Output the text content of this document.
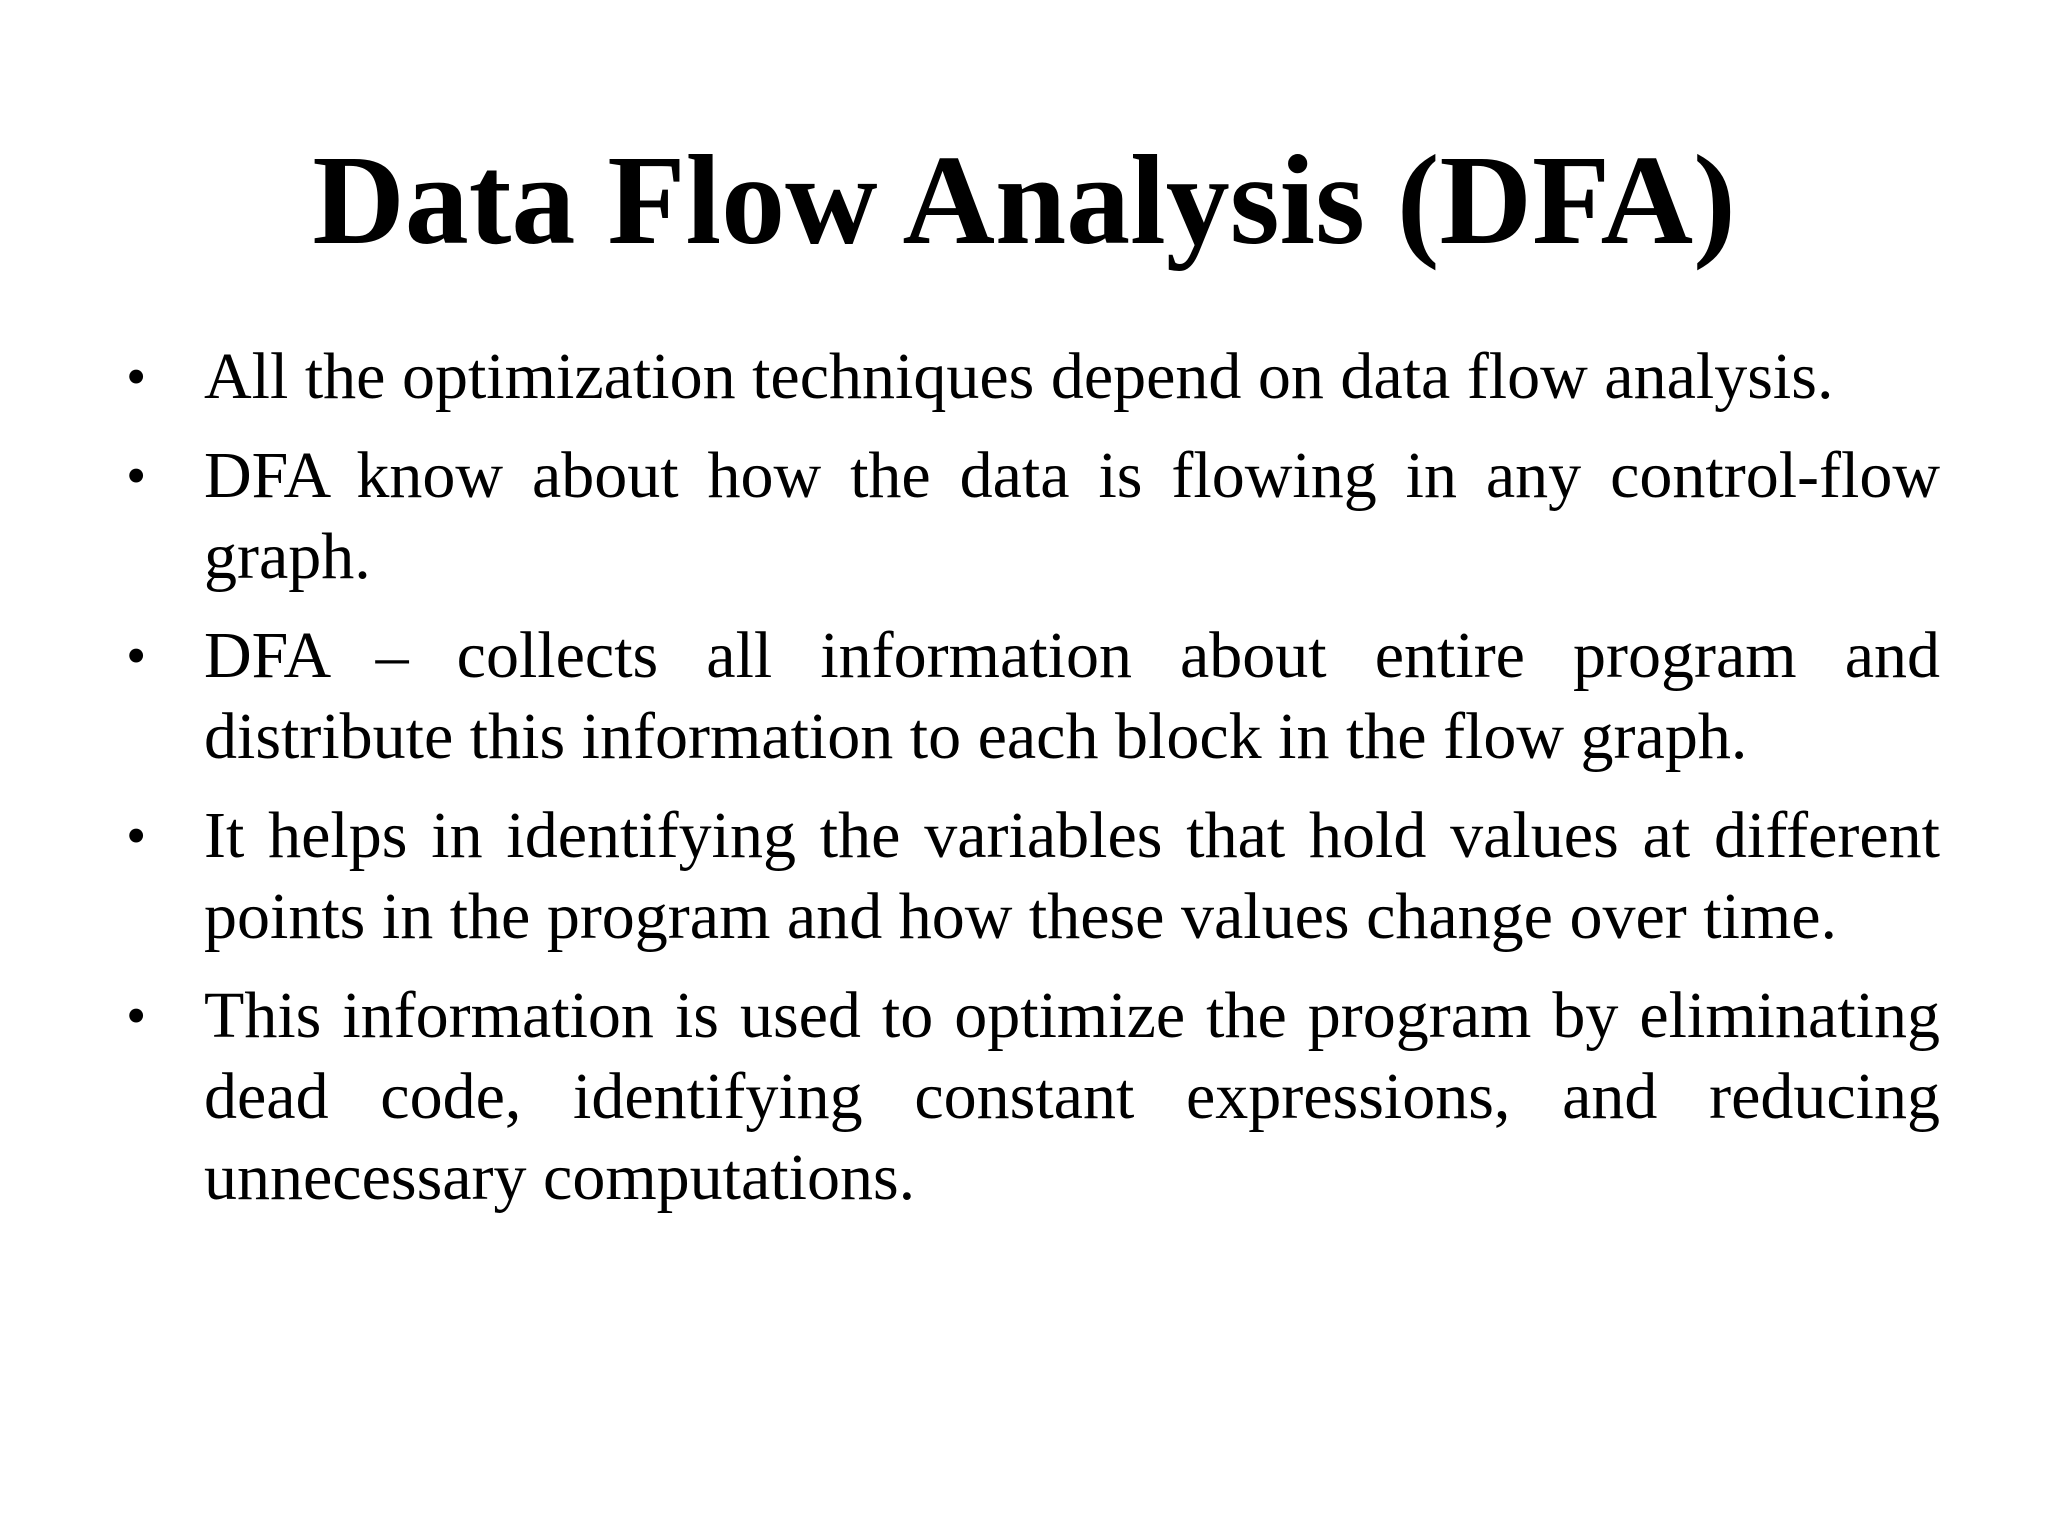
Data Flow Analysis (DFA)
• All the optimization techniques depend on data flow analysis.
• DFA know about how the data is flowing in any control-flow graph.
• DFA – collects all information about entire program and distribute this information to each block in the flow graph.
• It helps in identifying the variables that hold values at different points in the program and how these values change over time.
• This information is used to optimize the program by eliminating dead code, identifying constant expressions, and reducing unnecessary computations.
